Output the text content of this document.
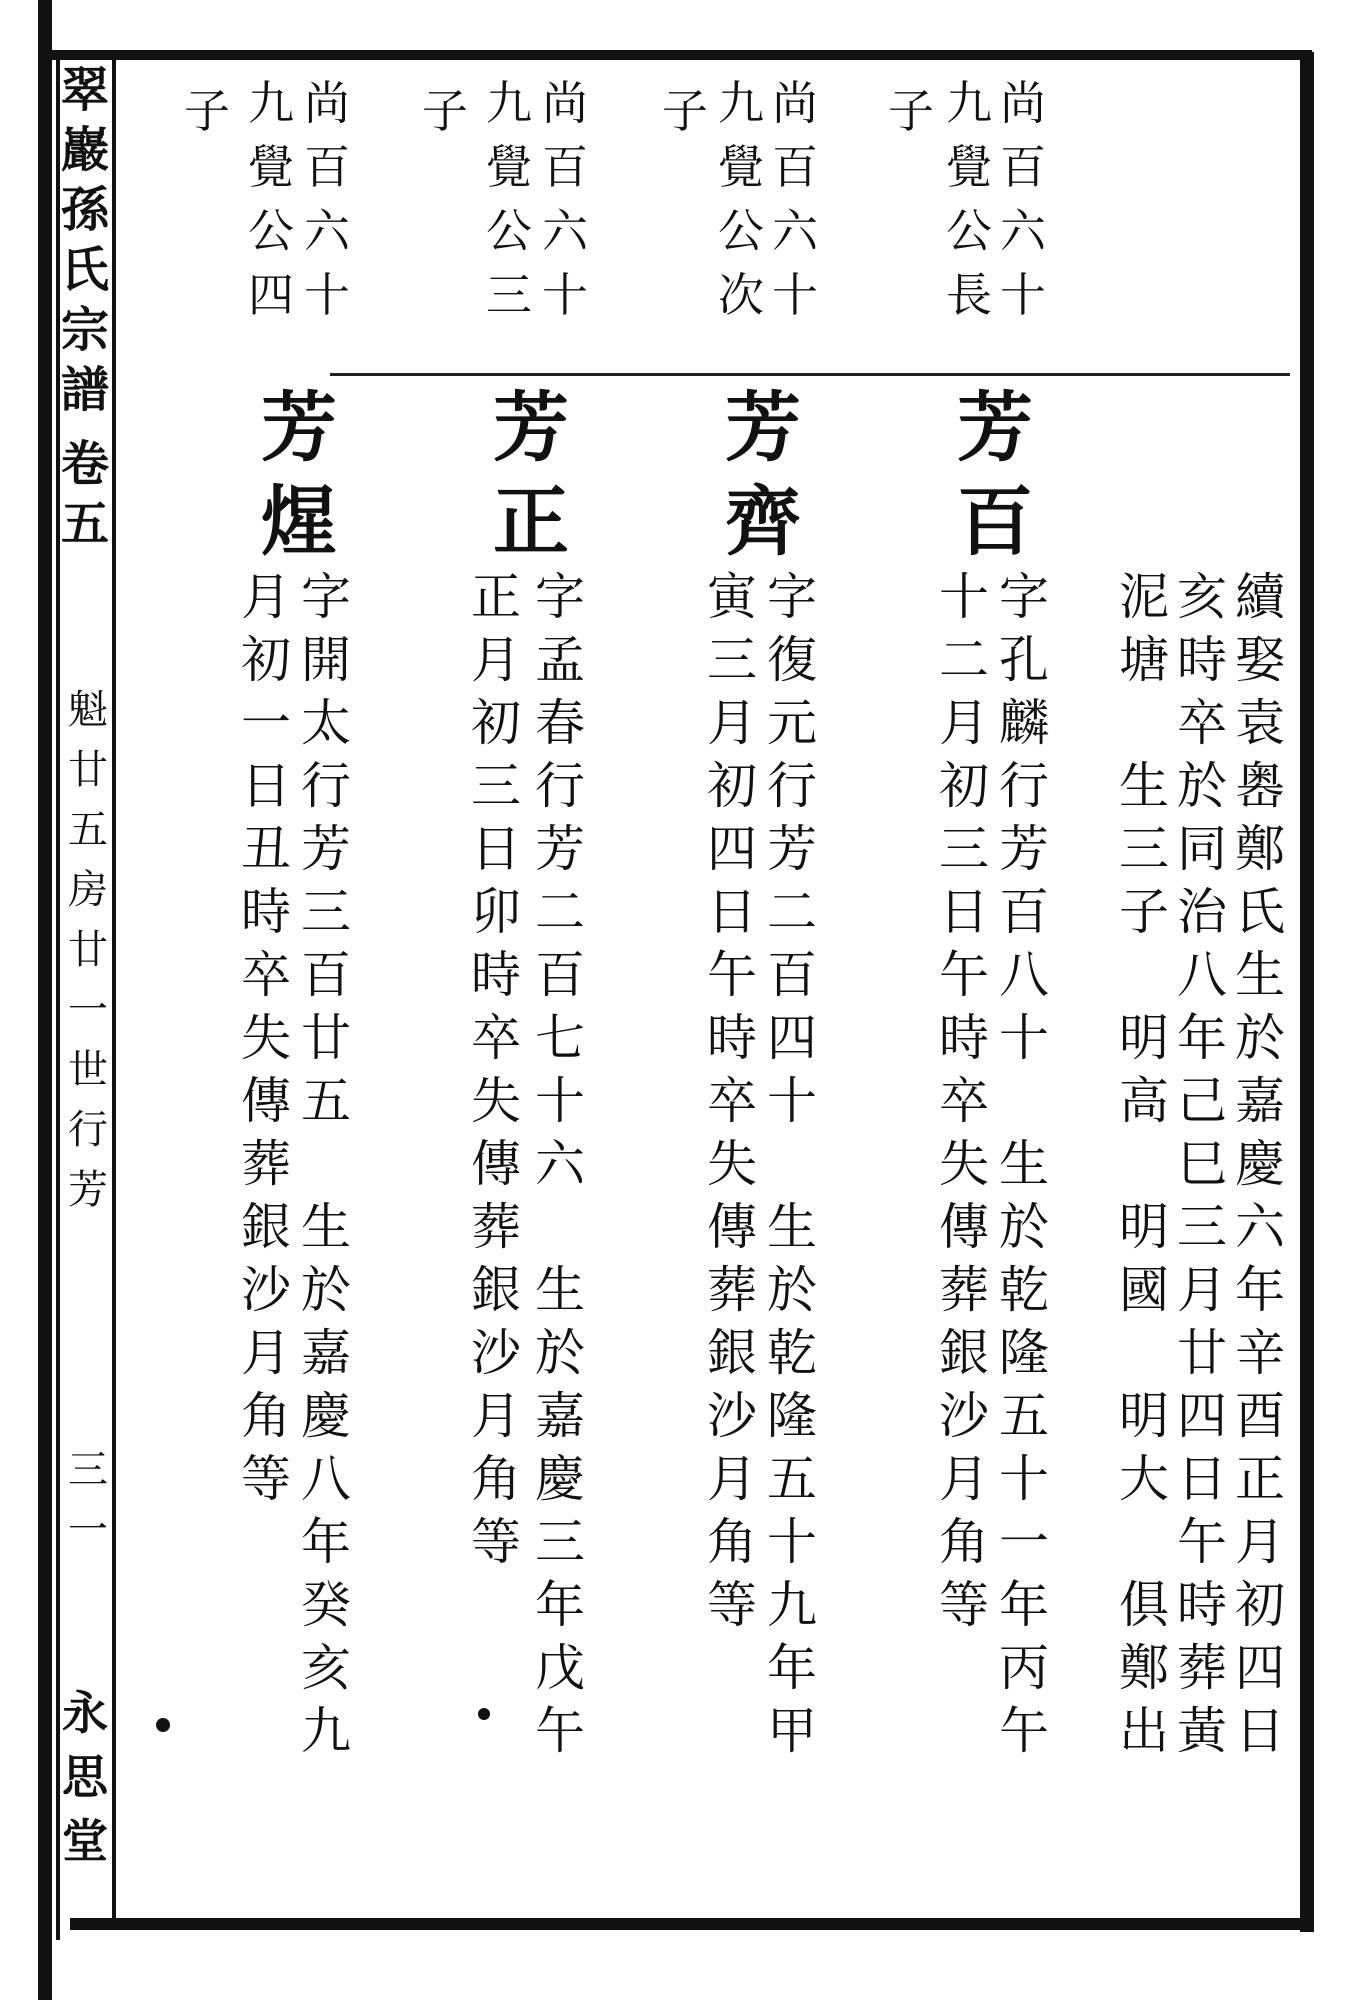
翠
巖
孫
氏
宗
譜
卷
五
魁
廿
五
房
廿
一
世
行
芳
三
一
永
思
堂
尚
百
六
十
九
覺
公
長
子
尚
百
六
十
九
覺
公
次
子
尚
百
六
十
九
覺
公
三
子
尚
百
六
十
九
覺
公
四
子
續
娶
袁
嶴
鄭
氏
生
於
嘉
慶
六
年
辛
酉
正
月
初
四
日
亥
時
卒
於
同
治
八
年
己
巳
三
月
廿
四
日
午
時
葬
黃
泥
塘

生
三
子

明
高

明
國

明
大

俱
鄭
出
芳
百
字
孔
麟
行
芳
百
八
十

生
於
乾
隆
五
十
一
年
丙
午
十
二
月
初
三
日
午
時
卒
失
傳
葬
銀
沙
月
角
等
芳
齊
字
復
元
行
芳
二
百
四
十

生
於
乾
隆
五
十
九
年
甲
寅
三
月
初
四
日
午
時
卒
失
傳
葬
銀
沙
月
角
等
芳
正
字
孟
春
行
芳
二
百
七
十
六

生
於
嘉
慶
三
年
戊
午
正
月
初
三
日
卯
時
卒
失
傳
葬
銀
沙
月
角
等
芳
煋
字
開
太
行
芳
三
百
廿
五

生
於
嘉
慶
八
年
癸
亥
九
月
初
一
日
丑
時
卒
失
傳
葬
銀
沙
月
角
等
